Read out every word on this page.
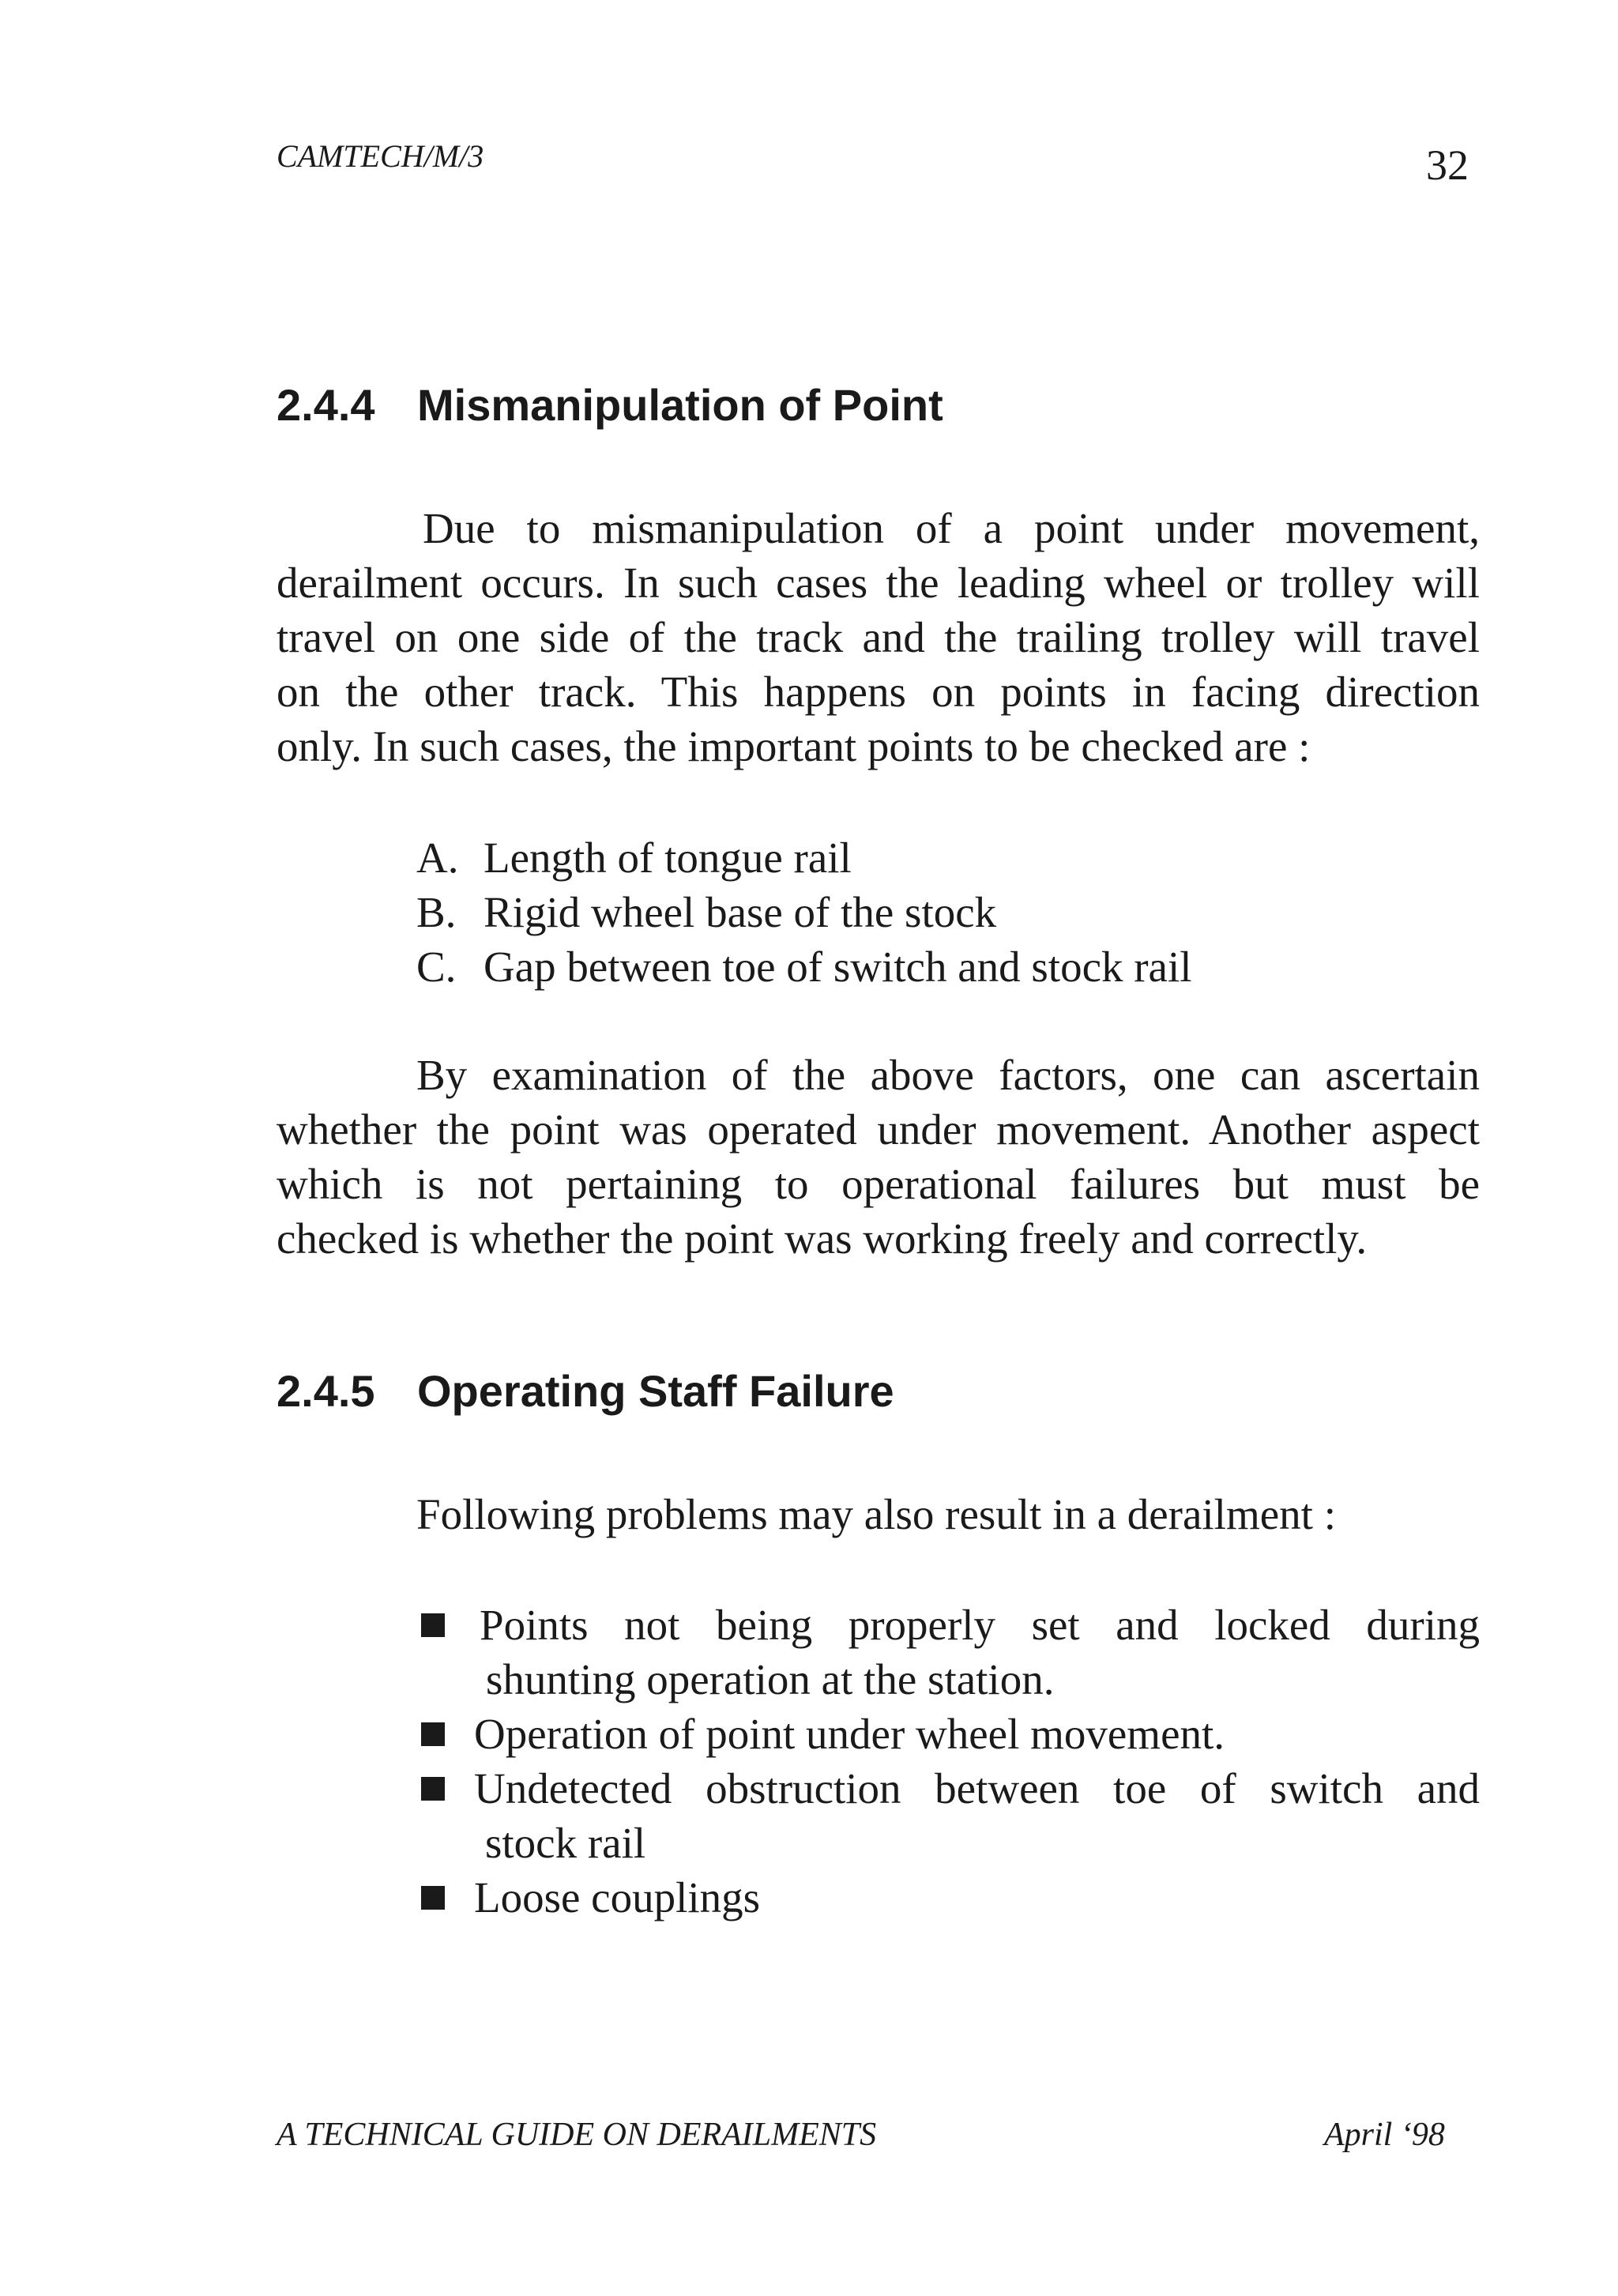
CAMTECH/M/3	32
2.4.4 Mismanipulation of Point
Due to mismanipulation of a point under movement,
derailment occurs. In such cases the leading wheel or trolley will
travel on one side of the track and the trailing trolley will travel
on the other track. This happens on points in facing direction
only. In such cases, the important points to be checked are :
A. Length of tongue rail
B. Rigid wheel base of the stock
C. Gap between toe of switch and stock rail
By examination of the above factors, one can ascertain
whether the point was operated under movement. Another aspect
which is not pertaining to operational failures but must be
checked is whether the point was working freely and correctly.
2.4.5 Operating Staff Failure
Following problems may also result in a derailment :
Points not being properly set and locked during
shunting operation at the station.
Operation of point under wheel movement.
Undetected obstruction between toe of switch and
stock rail
Loose couplings
A TECHNICAL GUIDE ON DERAILMENTS	April ‘98
